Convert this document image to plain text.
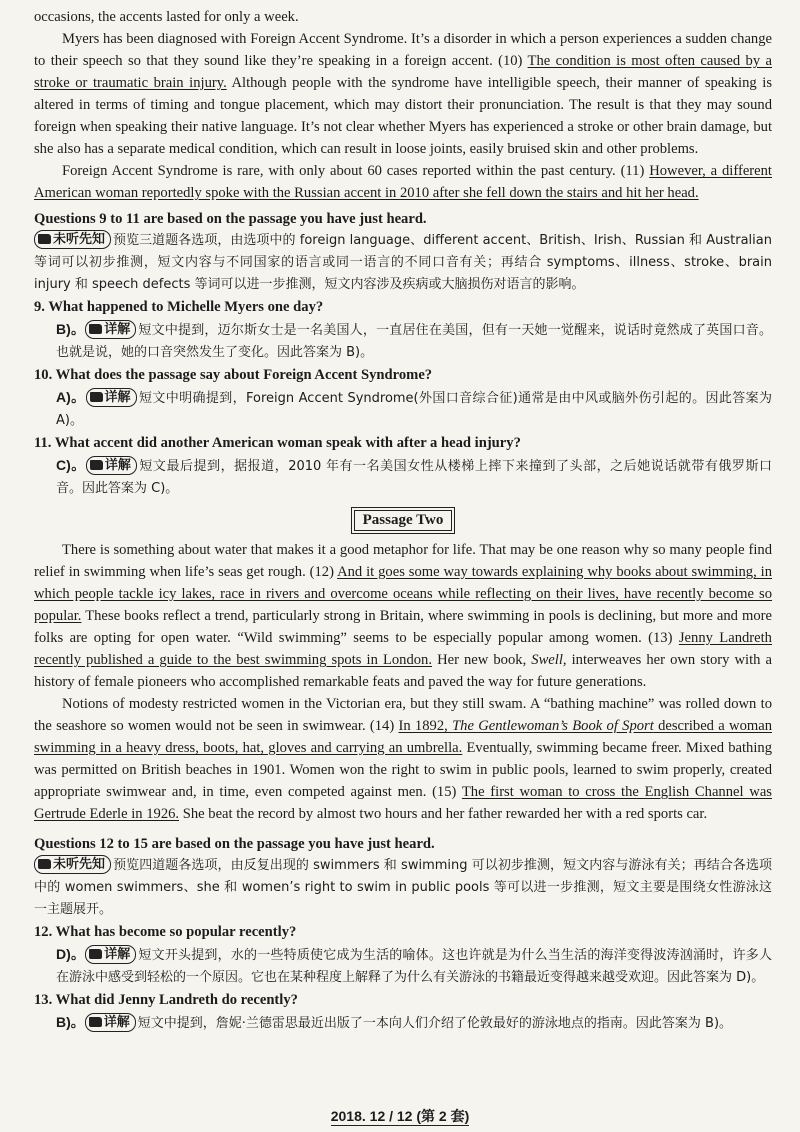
occasions, the accents lasted for only a week.

Myers has been diagnosed with Foreign Accent Syndrome. It’s a disorder in which a person experiences a sudden change to their speech so that they sound like they’re speaking in a foreign accent. (10) The condition is most often caused by a stroke or traumatic brain injury. Although people with the syndrome have intelligible speech, their manner of speaking is altered in terms of timing and tongue placement, which may distort their pronunciation. The result is that they may sound foreign when speaking their native language. It’s not clear whether Myers has experienced a stroke or other brain damage, but she also has a separate medical condition, which can result in loose joints, easily bruised skin and other problems.

Foreign Accent Syndrome is rare, with only about 60 cases reported within the past century. (11) However, a different American woman reportedly spoke with the Russian accent in 2010 after she fell down the stairs and hit her head.

Questions 9 to 11 are based on the passage you have just heard.

未听先知 预览三道题各选项，由选项中的 foreign language、different accent、British、Irish、Russian 和 Australian 等词可以初步推测，短文内容与不同国家的语言或同一语言的不同口音有关；再结合 symptoms、illness、stroke、brain injury 和 speech defects 等词可以进一步推测，短文内容涉及疾病或大脑损伤对语言的影响。

9. What happened to Michelle Myers one day?

B)。 详解 短文中提到，迈尔斯女士是一名美国人，一直居住在美国，但有一天她一觉醒来，说话时竟然成了英国口音。也就是说，她的口音突然发生了变化。因此答案为 B)。

10. What does the passage say about Foreign Accent Syndrome?

A)。 详解 短文中明确提到，Foreign Accent Syndrome(外国口音综合征)通常是由中风或脑外伤引起的。因此答案为 A)。

11. What accent did another American woman speak with after a head injury?

C)。 详解 短文最后提到，据报道，2010 年有一名美国女性从楼梯上摔下来撞到了头部，之后她说话就带有俄罗斯口音。因此答案为 C)。

Passage Two

There is something about water that makes it a good metaphor for life. That may be one reason why so many people find relief in swimming when life’s seas get rough. (12) And it goes some way towards explaining why books about swimming, in which people tackle icy lakes, race in rivers and overcome oceans while reflecting on their lives, have recently become so popular. These books reflect a trend, particularly strong in Britain, where swimming in pools is declining, but more and more folks are opting for open water. “Wild swimming” seems to be especially popular among women. (13) Jenny Landreth recently published a guide to the best swimming spots in London. Her new book, Swell, interweaves her own story with a history of female pioneers who accomplished remarkable feats and paved the way for future generations.

Notions of modesty restricted women in the Victorian era, but they still swam. A “bathing machine” was rolled down to the seashore so women would not be seen in swimwear. (14) In 1892, The Gentlewoman’s Book of Sport described a woman swimming in a heavy dress, boots, hat, gloves and carrying an umbrella. Eventually, swimming became freer. Mixed bathing was permitted on British beaches in 1901. Women won the right to swim in public pools, learned to swim properly, created appropriate swimwear and, in time, even competed against men. (15) The first woman to cross the English Channel was Gertrude Ederle in 1926. She beat the record by almost two hours and her father rewarded her with a red sports car.

Questions 12 to 15 are based on the passage you have just heard.

未听先知 预览四道题各选项，由反复出现的 swimmers 和 swimming 可以初步推测，短文内容与游泳有关；再结合各选项中的 women swimmers、she 和 women’s right to swim in public pools 等可以进一步推测，短文主要是围绕女性游泳这一主题展开。

12. What has become so popular recently?

D)。 详解 短文开头提到，水的一些特质使它成为生活的喻体。这也许就是为什么当生活的海洋变得波涛汹涌时，许多人在游泳中感受到轻松的一个原因。它也在某种程度上解释了为什么有关游泳的书籍最近变得越来越受欢迎。因此答案为 D)。

13. What did Jenny Landreth do recently?

B)。 详解 短文中提到，詹妮·兰德雷思最近出版了一本向人们介绍了伦敦最好的游泳地点的指南。因此答案为 B)。

2018. 12 / 12 (第 2 套)
